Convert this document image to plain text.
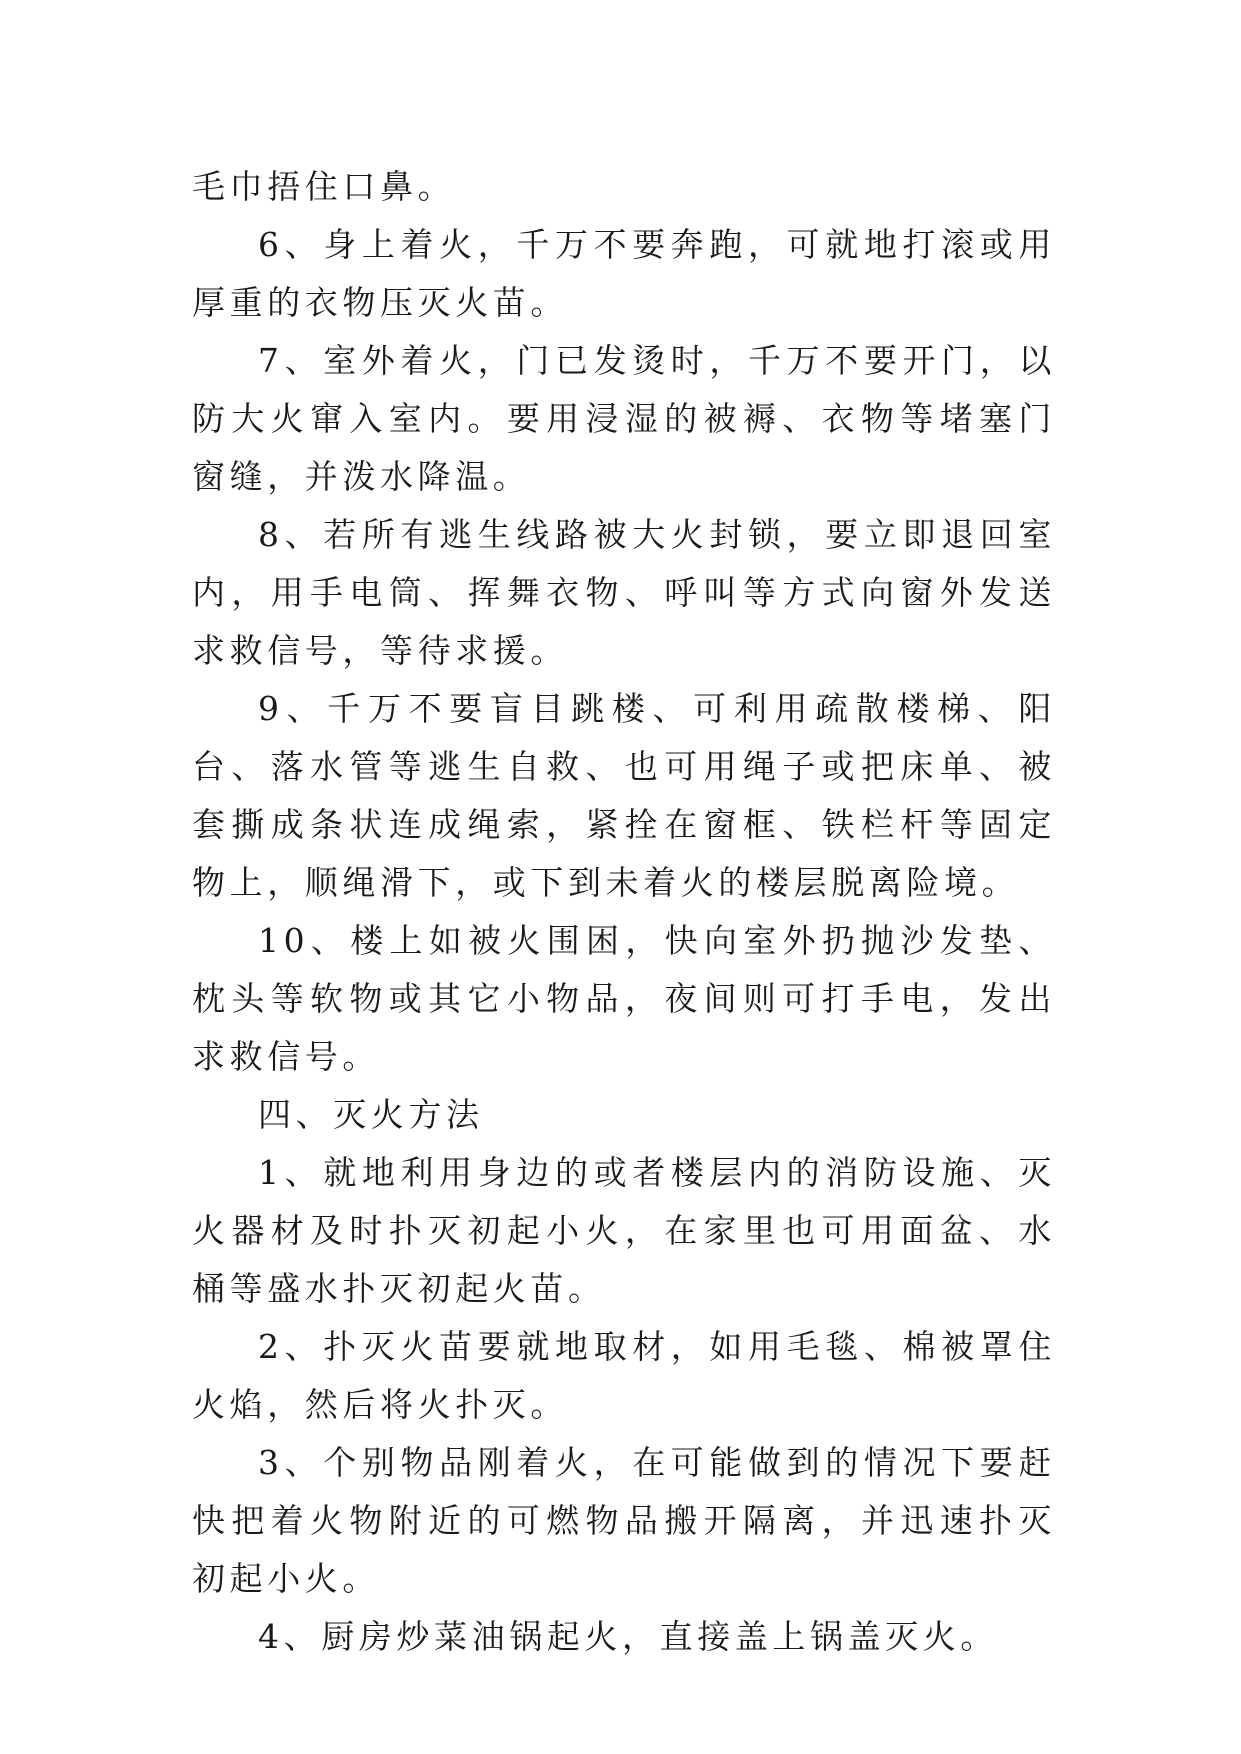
毛巾捂住口鼻。

6、身上着火，千万不要奔跑，可就地打滚或用厚重的衣物压灭火苗。

7、室外着火，门已发烫时，千万不要开门，以防大火窜入室内。要用浸湿的被褥、衣物等堵塞门窗缝，并泼水降温。

8、若所有逃生线路被大火封锁，要立即退回室内，用手电筒、挥舞衣物、呼叫等方式向窗外发送求救信号，等待求援。

9、千万不要盲目跳楼、可利用疏散楼梯、阳台、落水管等逃生自救、也可用绳子或把床单、被套撕成条状连成绳索，紧拴在窗框、铁栏杆等固定物上，顺绳滑下，或下到未着火的楼层脱离险境。

10、楼上如被火围困，快向室外扔抛沙发垫、枕头等软物或其它小物品，夜间则可打手电，发出求救信号。

四、灭火方法

1、就地利用身边的或者楼层内的消防设施、灭火器材及时扑灭初起小火，在家里也可用面盆、水桶等盛水扑灭初起火苗。

2、扑灭火苗要就地取材，如用毛毯、棉被罩住火焰，然后将火扑灭。

3、个别物品刚着火，在可能做到的情况下要赶快把着火物附近的可燃物品搬开隔离，并迅速扑灭初起小火。

4、厨房炒菜油锅起火，直接盖上锅盖灭火。
